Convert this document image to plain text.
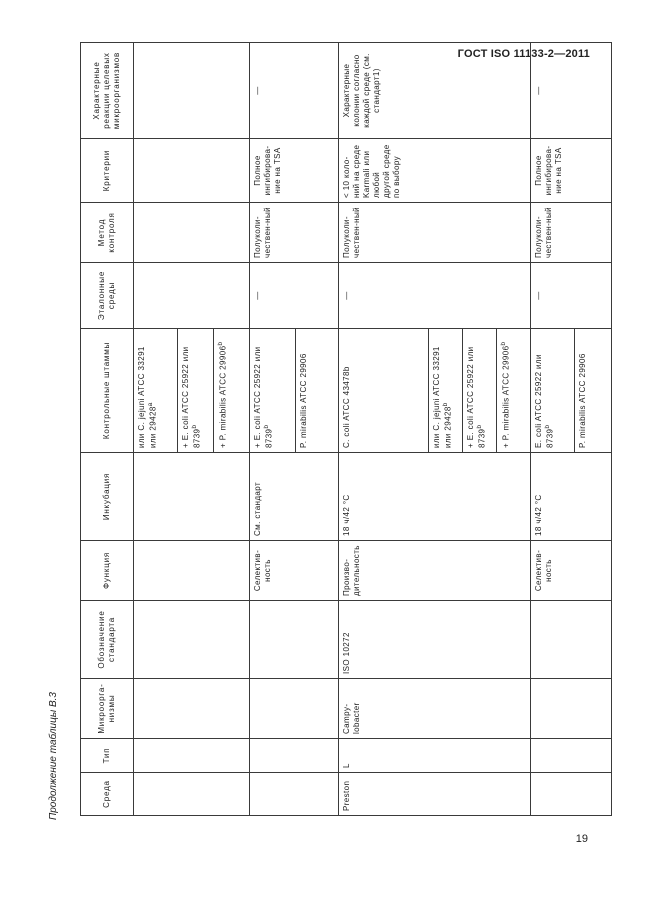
ГОСТ ISO 11133-2—2011
Продолжение таблицы В.3
19
Среда	Тип	Микроорга-низмы	Обозначение стандарта	Функция	Инкубация	Контрольные штаммы	Эталонные среды	Метод контроля	Критерии	Характерные реакции целевых микроорганизмов
						или C. jejuni ATCC 33291 или 29428$^a$				
						+ E. coli ATCC 25922 или 8739$^b$
						+ P. mirabilis ATCC 29906$^b$
				Селектив-ность	См. стандарт	+ E. coli ATCC 25922 или 8739$^b$	—	Полуколи-чествен-ный	Полное ингибирова-ние на TSA	—
						P. mirabilis ATCC 29906				
Preston	L	Campy-lobacter	ISO 10272	Произво-дительность	18 ч/42 °С	C. coli ATCC 43478b	—	Полуколи-чествен-ный	< 10 коло-ний на среде Karmali или любой другой среде по выбору	Характерные колонии согласно каждой среде (см. стандарт1)
						или C. jejuni ATCC 33291 или 29428$^b$
						+ E. coli ATCC 25922 или 8739$^b$
						+ P. mirabilis ATCC 29906$^b$
				Селектив-ность	18 ч/42 °С	E. coli ATCC 25922 или 8739$^b$	—	Полуколи-чествен-ный	Полное ингибирова-ние на TSA	—
						P. mirabilis ATCC 29906				
